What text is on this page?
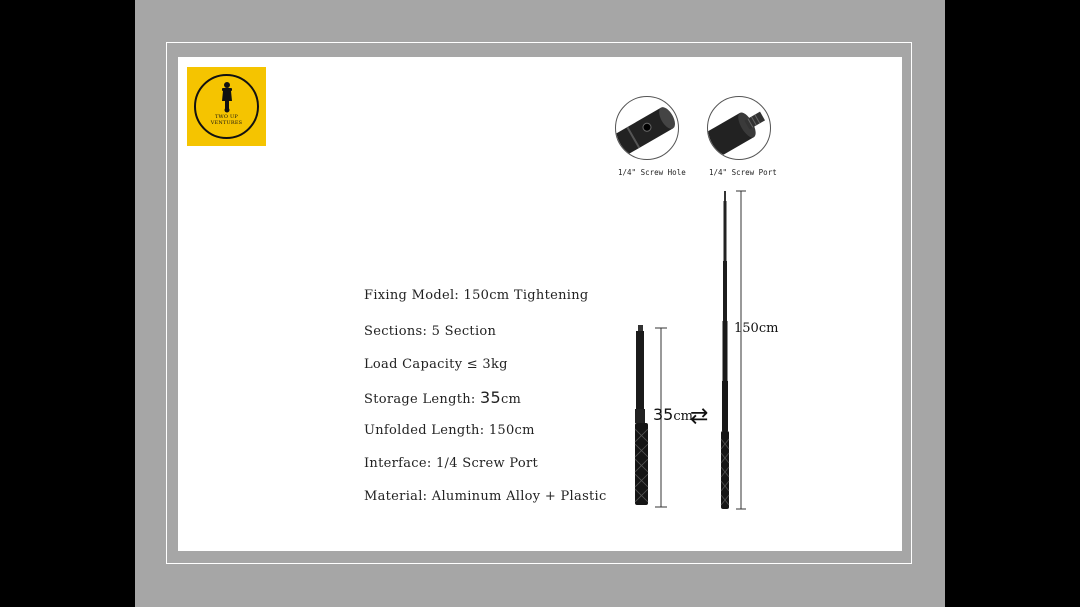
TWO UP
VENTURES
1/4" Screw Hole	1/4" Screw Port
Fixing Model: 150cm Tightening
Sections: 5 Section
Load Capacity ≤ 3kg
Storage Length: 35cm
Unfolded Length: 150cm
Interface: 1/4 Screw Port
Material: Aluminum Alloy + Plastic
35cm
⇄
150cm
